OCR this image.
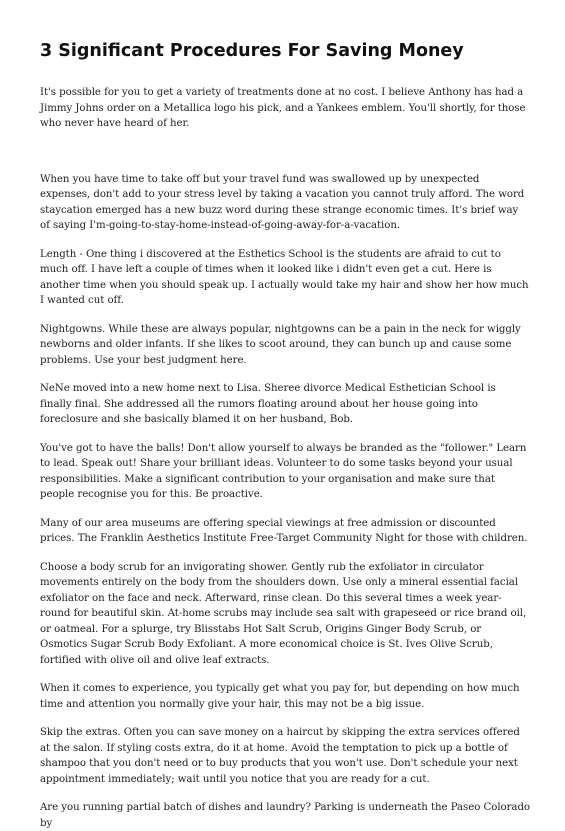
3 Significant Procedures For Saving Money

It's possible for you to get a variety of treatments done at no cost. I believe Anthony has had a Jimmy Johns order on a Metallica logo his pick, and a Yankees emblem. You'll shortly, for those who never have heard of her.

When you have time to take off but your travel fund was swallowed up by unexpected expenses, don't add to your stress level by taking a vacation you cannot truly afford. The word staycation emerged has a new buzz word during these strange economic times. It's brief way of saying I'm-going-to-stay-home-instead-of-going-away-for-a-vacation.

Length - One thing i discovered at the Esthetics School is the students are afraid to cut to much off. I have left a couple of times when it looked like i didn't even get a cut. Here is another time when you should speak up. I actually would take my hair and show her how much I wanted cut off.

Nightgowns. While these are always popular, nightgowns can be a pain in the neck for wiggly newborns and older infants. If she likes to scoot around, they can bunch up and cause some problems. Use your best judgment here.

NeNe moved into a new home next to Lisa. Sheree divorce Medical Esthetician School is finally final. She addressed all the rumors floating around about her house going into foreclosure and she basically blamed it on her husband, Bob.

You've got to have the balls! Don't allow yourself to always be branded as the "follower." Learn to lead. Speak out! Share your brilliant ideas. Volunteer to do some tasks beyond your usual responsibilities. Make a significant contribution to your organisation and make sure that people recognise you for this. Be proactive.

Many of our area museums are offering special viewings at free admission or discounted prices. The Franklin Aesthetics Institute Free-Target Community Night for those with children.

Choose a body scrub for an invigorating shower. Gently rub the exfoliator in circulator movements entirely on the body from the shoulders down. Use only a mineral essential facial exfoliator on the face and neck. Afterward, rinse clean. Do this several times a week year-round for beautiful skin. At-home scrubs may include sea salt with grapeseed or rice brand oil, or oatmeal. For a splurge, try Blisstabs Hot Salt Scrub, Origins Ginger Body Scrub, or Osmotics Sugar Scrub Body Exfoliant. A more economical choice is St. Ives Olive Scrub, fortified with olive oil and olive leaf extracts.

When it comes to experience, you typically get what you pay for, but depending on how much time and attention you normally give your hair, this may not be a big issue.

Skip the extras. Often you can save money on a haircut by skipping the extra services offered at the salon. If styling costs extra, do it at home. Avoid the temptation to pick up a bottle of shampoo that you don't need or to buy products that you won't use. Don't schedule your next appointment immediately; wait until you notice that you are ready for a cut.

Are you running partial batch of dishes and laundry? Parking is underneath the Paseo Colorado by
